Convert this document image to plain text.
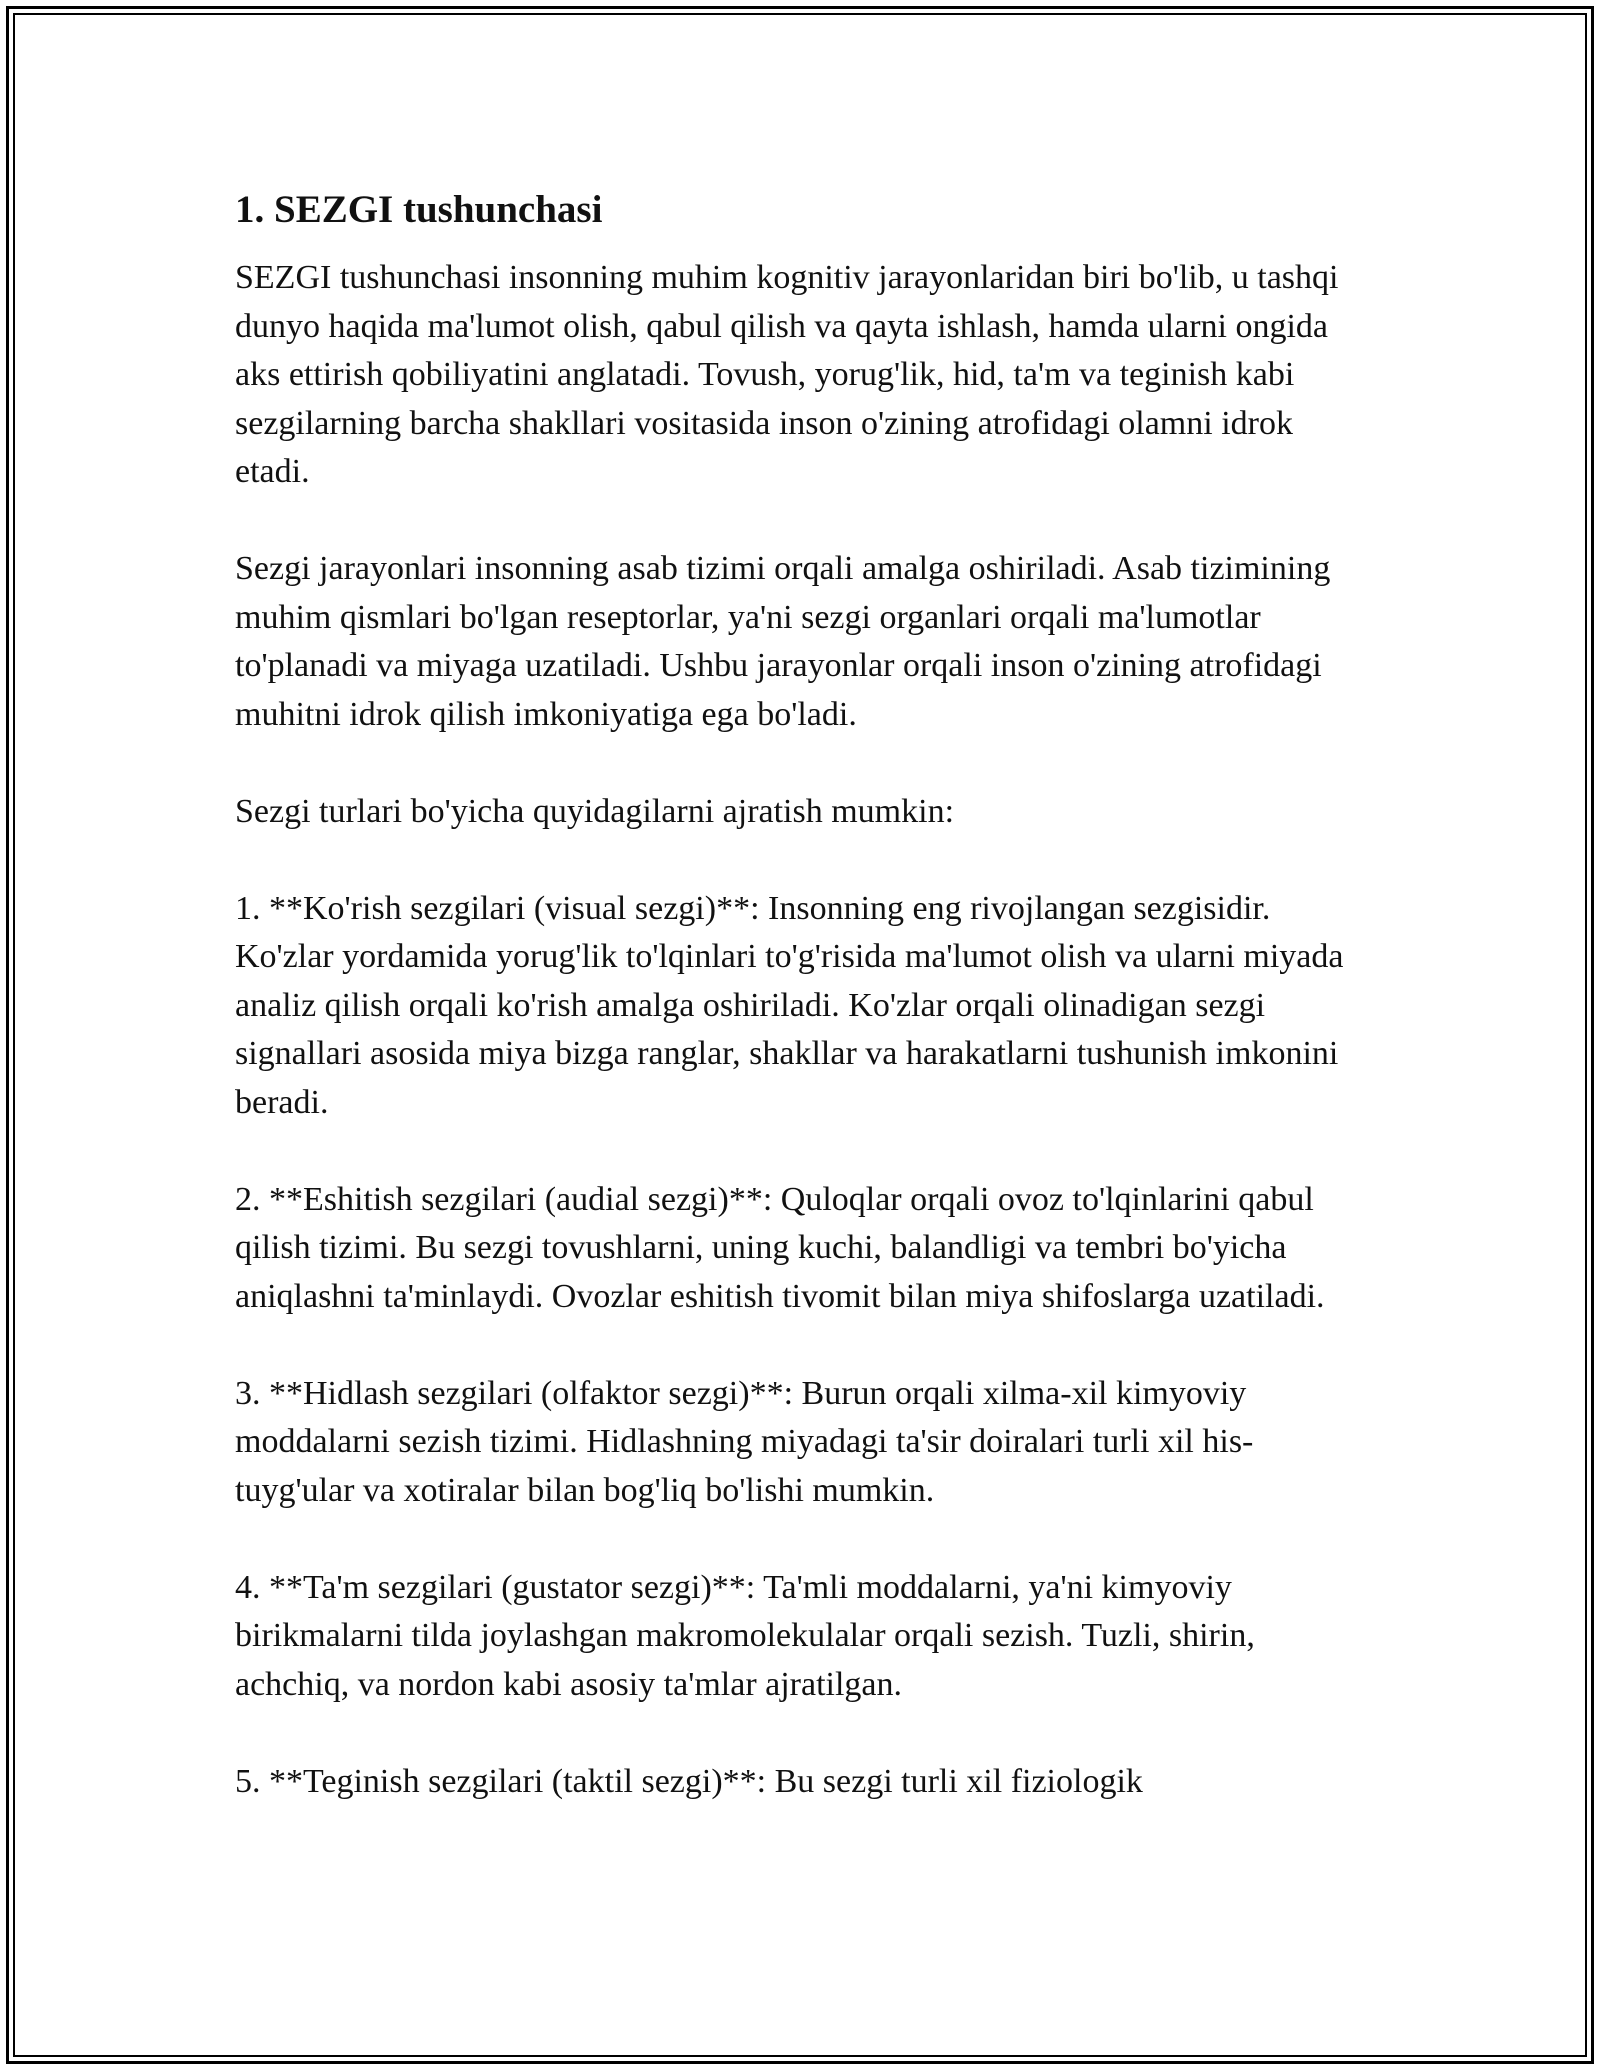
1. SEZGI tushunchasi

SEZGI tushunchasi insonning muhim kognitiv jarayonlaridan biri bo'lib, u tashqi dunyo haqida ma'lumot olish, qabul qilish va qayta ishlash, hamda ularni ongida aks ettirish qobiliyatini anglatadi. Tovush, yorug'lik, hid, ta'm va teginish kabi sezgilarning barcha shakllari vositasida inson o'zining atrofidagi olamni idrok etadi.

Sezgi jarayonlari insonning asab tizimi orqali amalga oshiriladi. Asab tizimining muhim qismlari bo'lgan reseptorlar, ya'ni sezgi organlari orqali ma'lumotlar to'planadi va miyaga uzatiladi. Ushbu jarayonlar orqali inson o'zining atrofidagi muhitni idrok qilish imkoniyatiga ega bo'ladi.

Sezgi turlari bo'yicha quyidagilarni ajratish mumkin:

1. **Ko'rish sezgilari (visual sezgi)**: Insonning eng rivojlangan sezgisidir. Ko'zlar yordamida yorug'lik to'lqinlari to'g'risida ma'lumot olish va ularni miyada analiz qilish orqali ko'rish amalga oshiriladi. Ko'zlar orqali olinadigan sezgi signallari asosida miya bizga ranglar, shakllar va harakatlarni tushunish imkonini beradi.

2. **Eshitish sezgilari (audial sezgi)**: Quloqlar orqali ovoz to'lqinlarini qabul qilish tizimi. Bu sezgi tovushlarni, uning kuchi, balandligi va tembri bo'yicha aniqlashni ta'minlaydi. Ovozlar eshitish tivomit bilan miya shifoslarga uzatiladi.

3. **Hidlash sezgilari (olfaktor sezgi)**: Burun orqali xilma-xil kimyoviy moddalarni sezish tizimi. Hidlashning miyadagi ta'sir doiralari turli xil his-tuyg'ular va xotiralar bilan bog'liq bo'lishi mumkin.

4. **Ta'm sezgilari (gustator sezgi)**: Ta'mli moddalarni, ya'ni kimyoviy birikmalarni tilda joylashgan makromolekulalar orqali sezish. Tuzli, shirin, achchiq, va nordon kabi asosiy ta'mlar ajratilgan.

5. **Teginish sezgilari (taktil sezgi)**: Bu sezgi turli xil fiziologik
